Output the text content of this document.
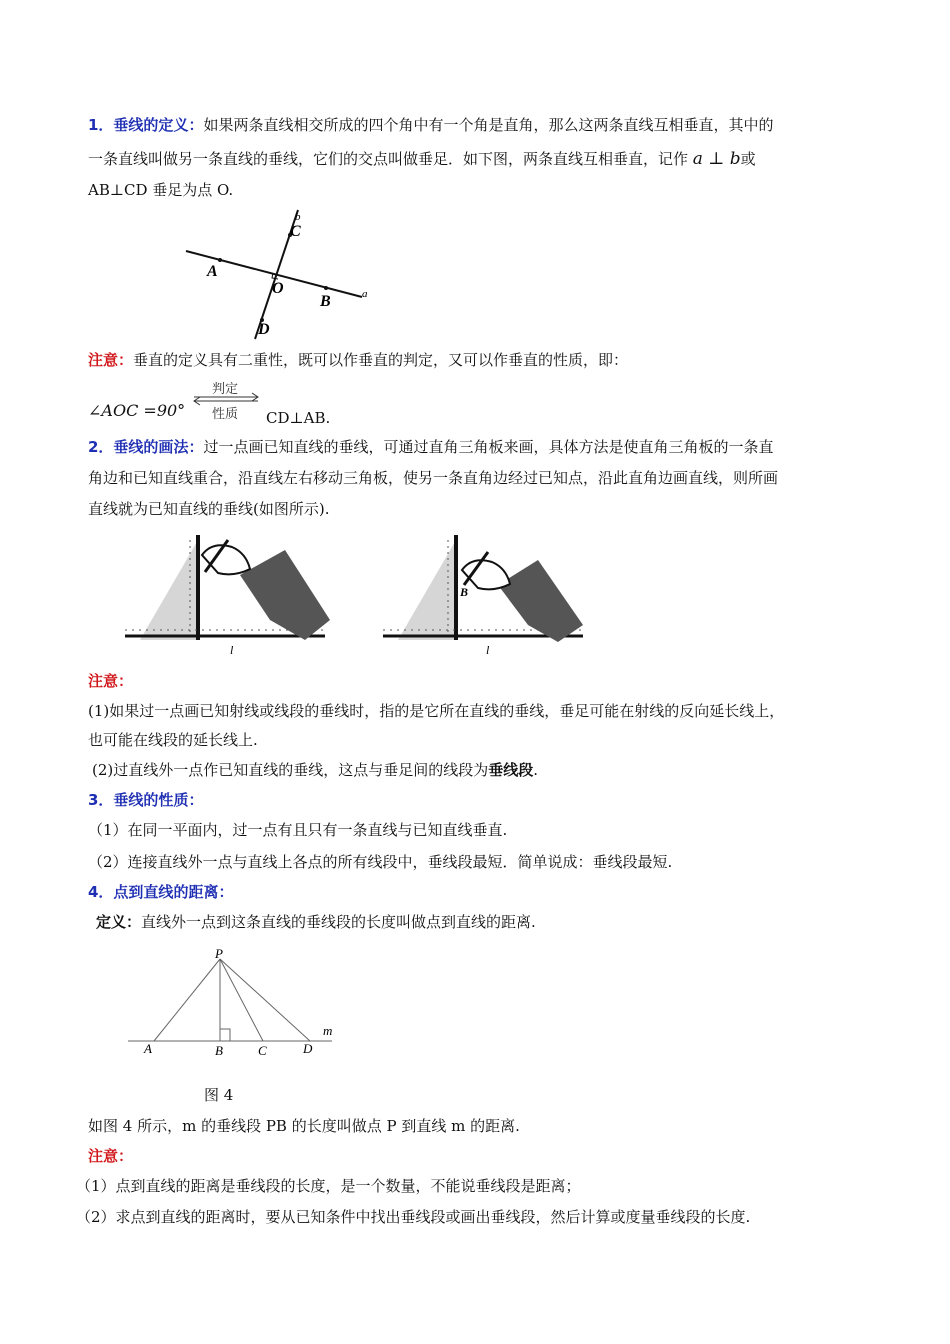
1．垂线的定义：如果两条直线相交所成的四个角中有一个角是直角，那么这两条直线互相垂直，其中的
一条直线叫做另一条直线的垂线，它们的交点叫做垂足．如下图，两条直线互相垂直，记作 a ⊥ b或
AB⊥CD 垂足为点 O.
b
C
A
O
B	a
D
注意：垂直的定义具有二重性，既可以作垂直的判定，又可以作垂直的性质，即：
∠AOC =90°
判定
性质 CD⊥AB.
2．垂线的画法：过一点画已知直线的垂线，可通过直角三角板来画，具体方法是使直角三角板的一条直
角边和已知直线重合，沿直线左右移动三角板，使另一条直角边经过已知点，沿此直角边画直线，则所画
直线就为已知直线的垂线(如图所示).
l
B
l
注意：
(1)如果过一点画已知射线或线段的垂线时，指的是它所在直线的垂线，垂足可能在射线的反向延长线上，
也可能在线段的延长线上.
(2)过直线外一点作已知直线的垂线，这点与垂足间的线段为垂线段.
3．垂线的性质：
（1）在同一平面内，过一点有且只有一条直线与已知直线垂直.
（2）连接直线外一点与直线上各点的所有线段中，垂线段最短．简单说成：垂线段最短.
4．点到直线的距离：
定义：直线外一点到这条直线的垂线段的长度叫做点到直线的距离.
P
m
A	B	C	D
图 4
如图 4 所示，m 的垂线段 PB 的长度叫做点 P 到直线 m 的距离.
注意：
（1）点到直线的距离是垂线段的长度，是一个数量，不能说垂线段是距离；
（2）求点到直线的距离时，要从已知条件中找出垂线段或画出垂线段，然后计算或度量垂线段的长度.
